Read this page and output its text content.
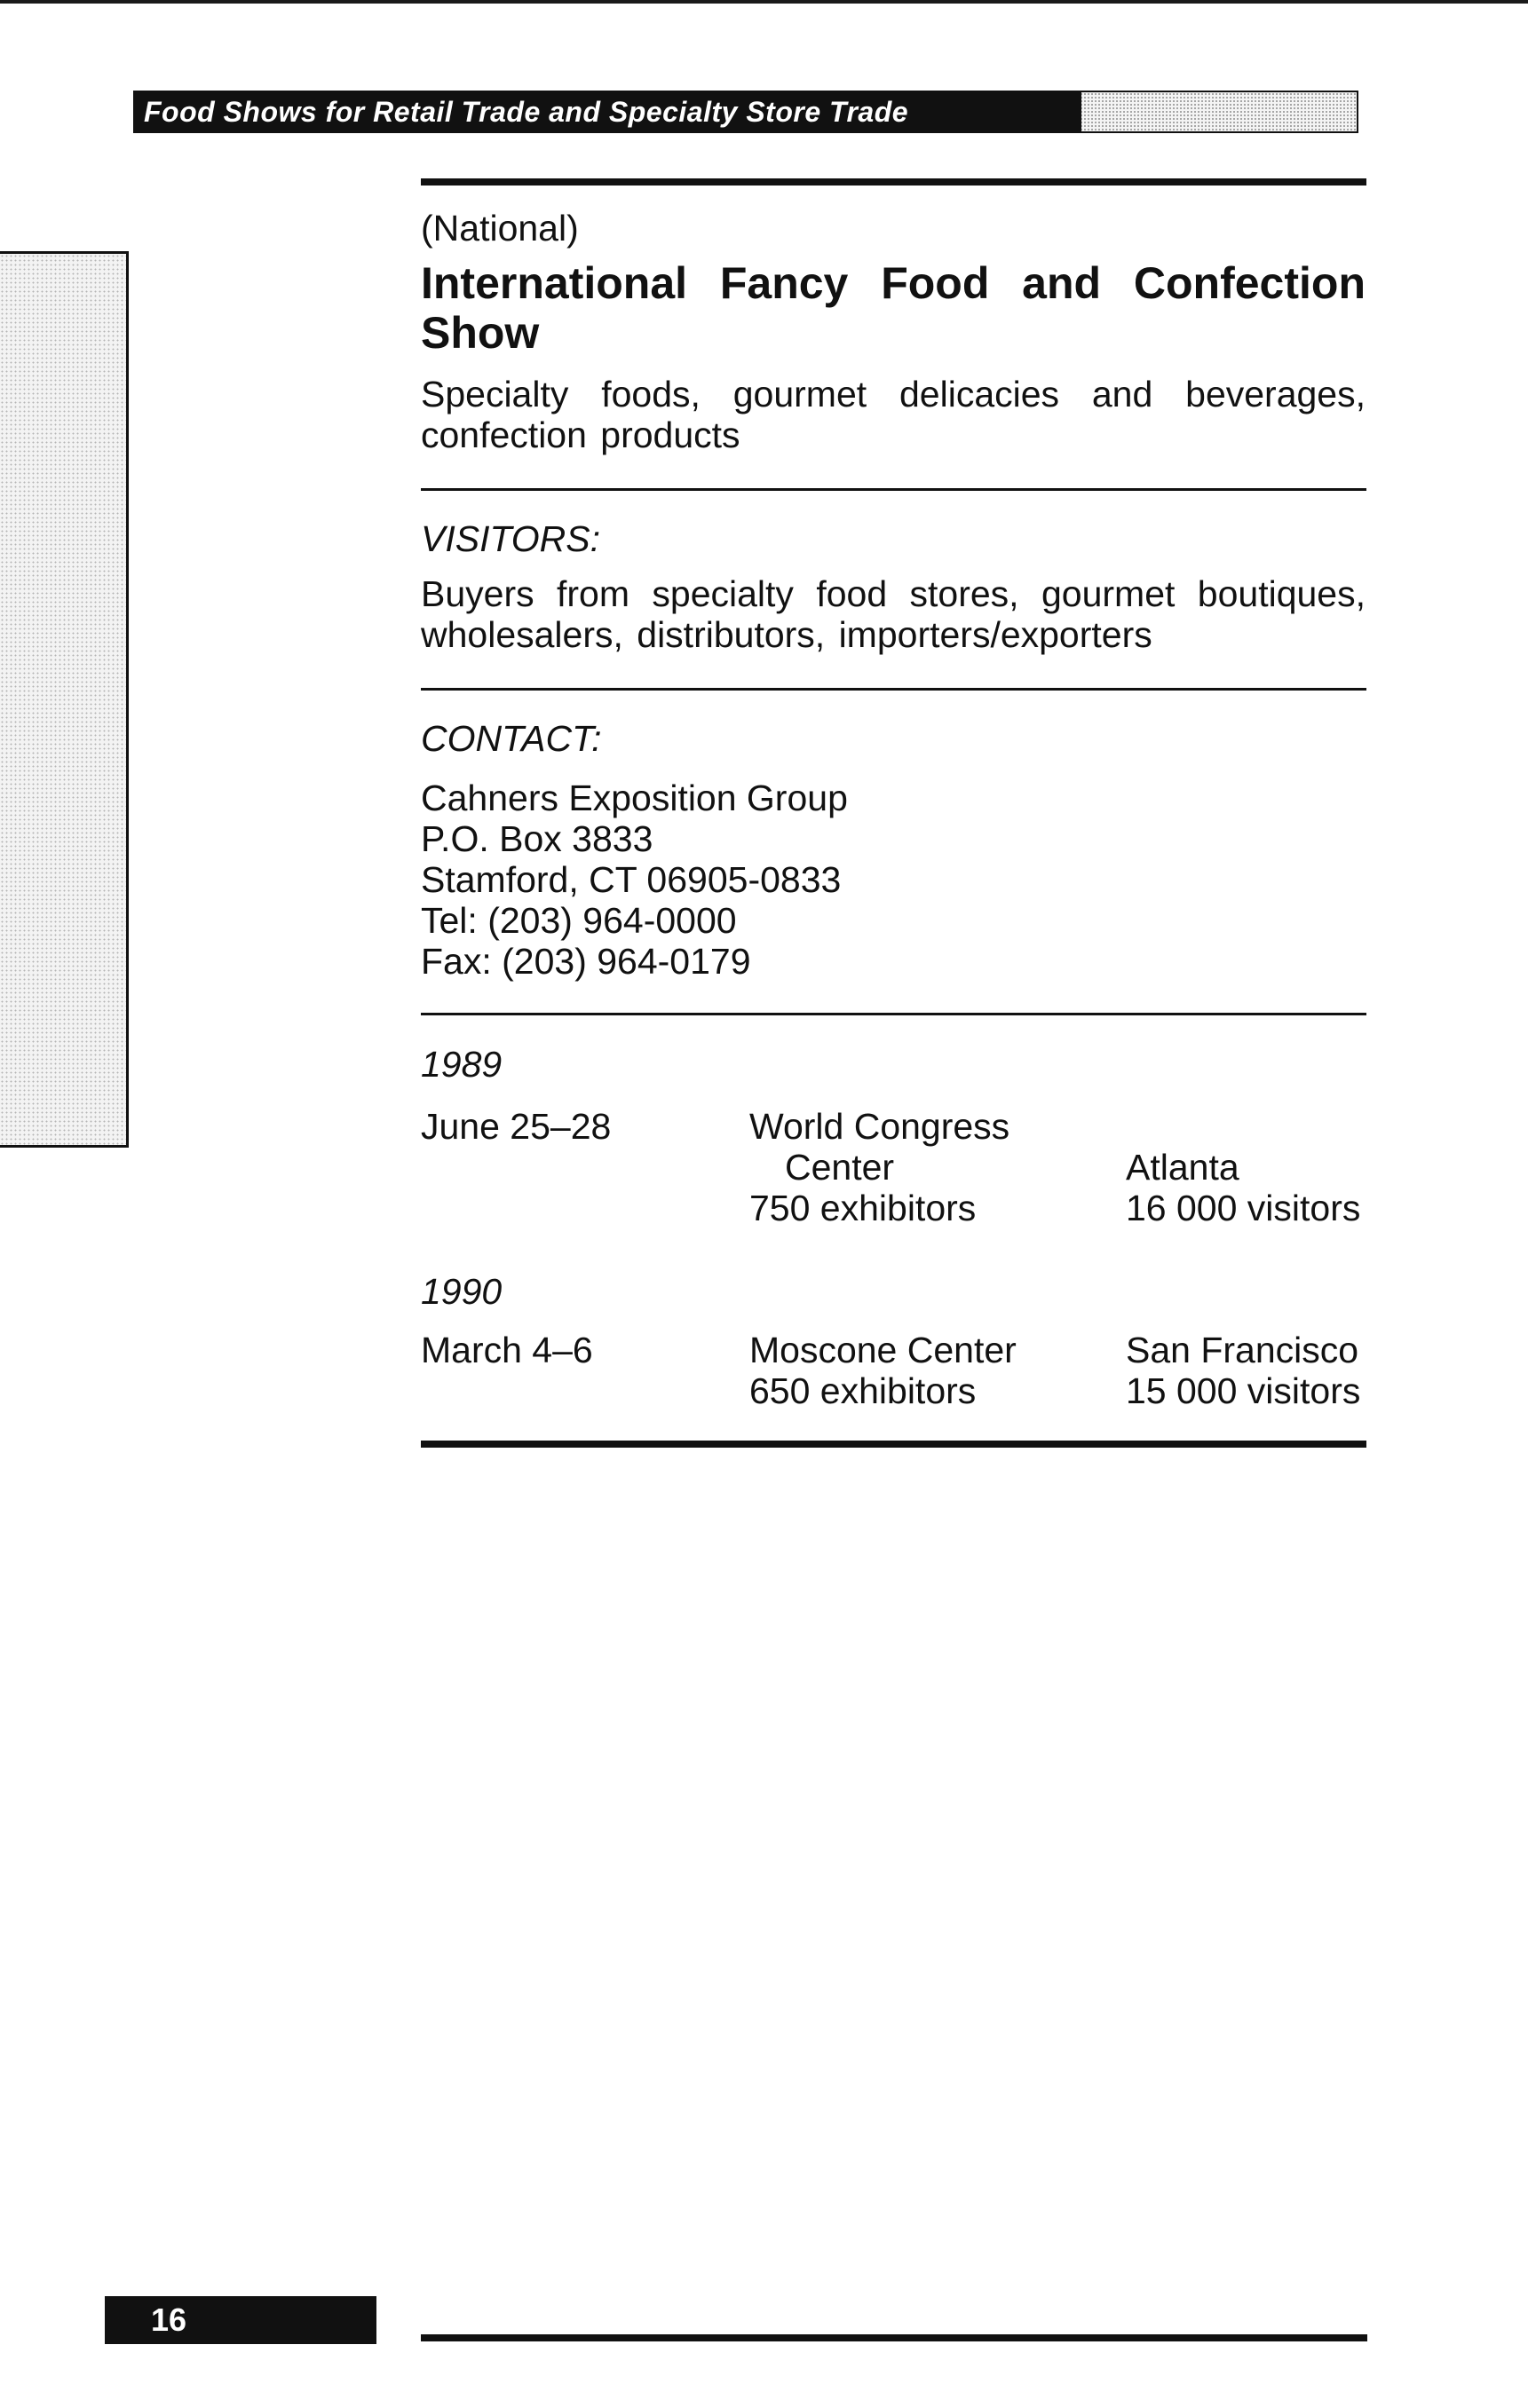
Food Shows for Retail Trade and Specialty Store Trade
(National)
International Fancy Food and Confection Show
Specialty foods, gourmet delicacies and beverages, confection products
VISITORS:
Buyers from specialty food stores, gourmet boutiques, wholesalers, distributors, importers/exporters
CONTACT:
Cahners Exposition Group
P.O. Box 3833
Stamford, CT 06905-0833
Tel: (203) 964-0000
Fax: (203) 964-0179
1989
June 25–28	World Congress
Center
750 exhibitors
Atlanta
16 000 visitors
1990
March 4–6	Moscone Center
650 exhibitors
San Francisco
15 000 visitors
16
